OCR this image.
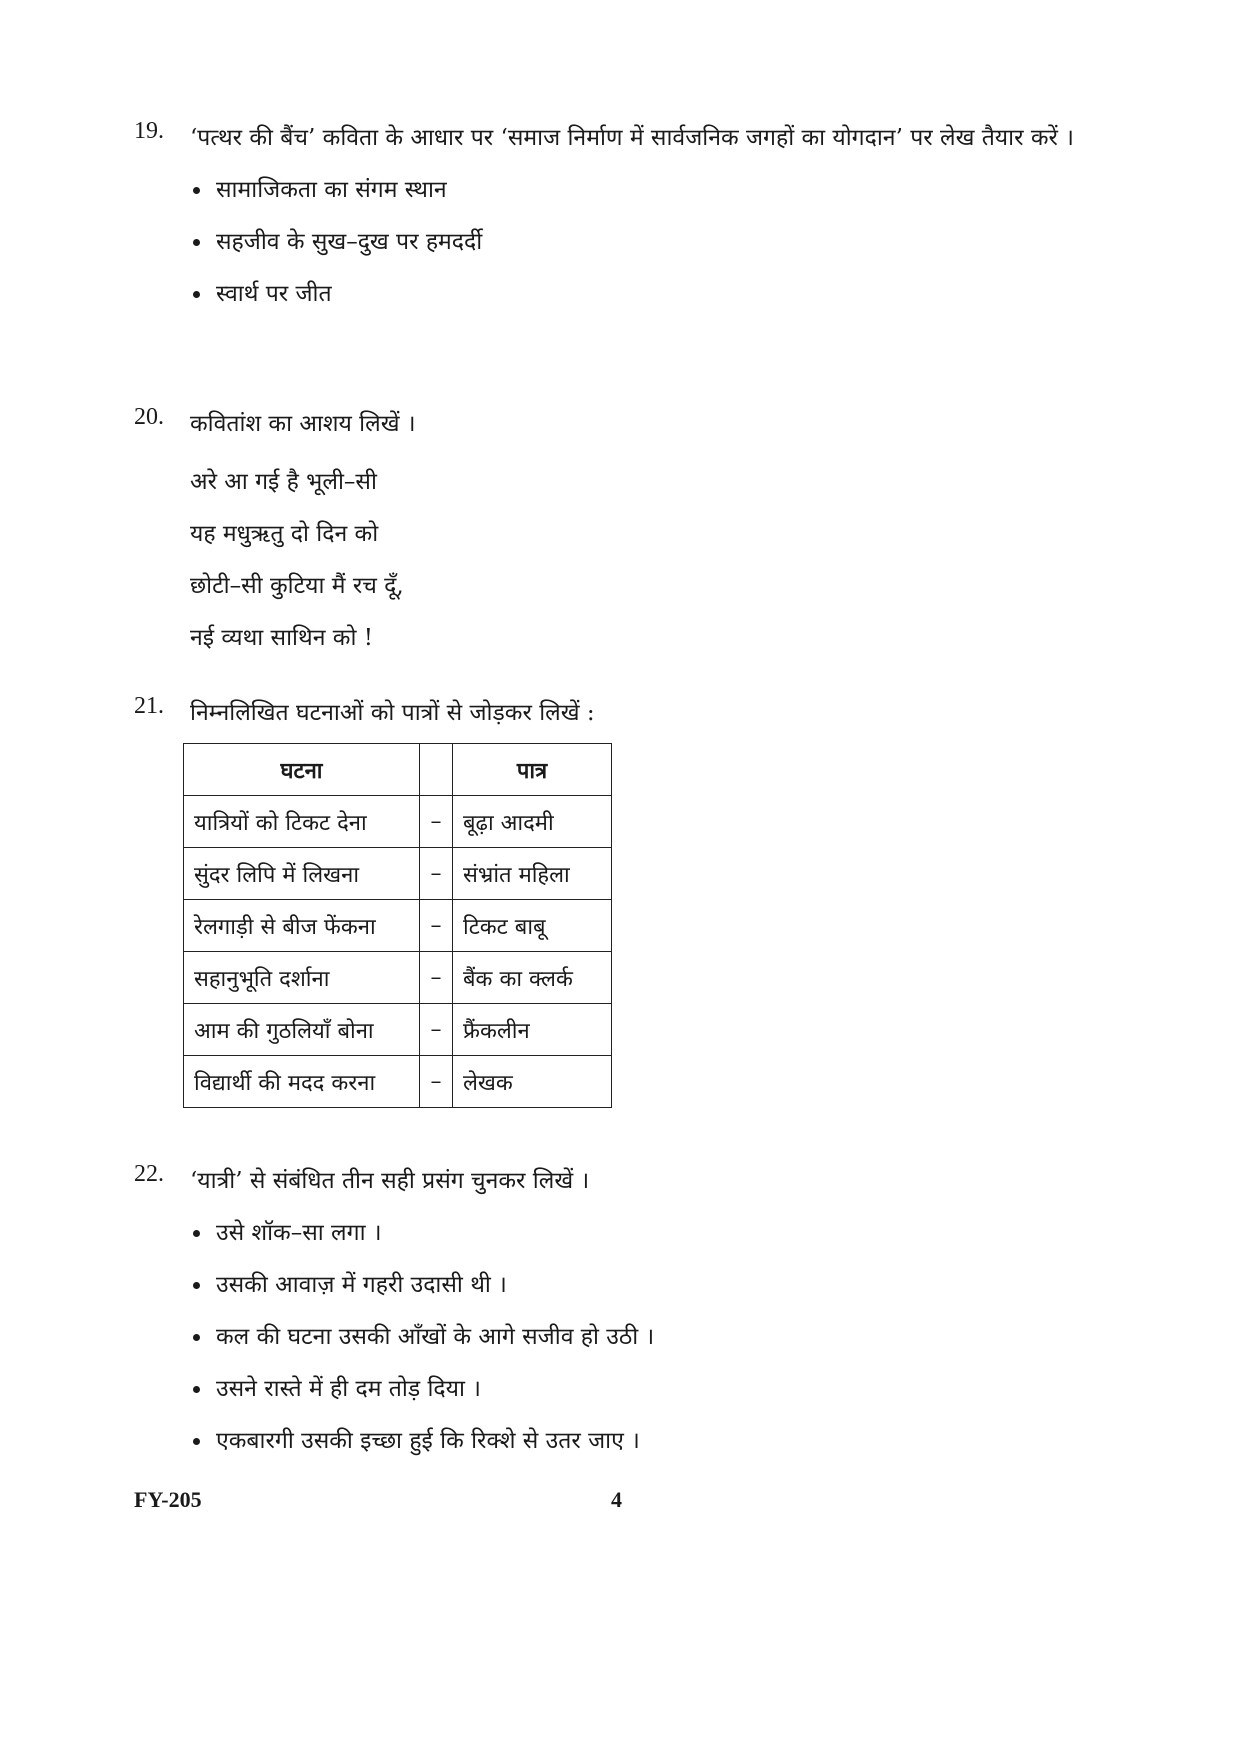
19. ‘पत्थर की बैंच’ कविता के आधार पर ‘समाज निर्माण में सार्वजनिक जगहों का योगदान’ पर लेख तैयार करें ।
सामाजिकता का संगम स्थान
सहजीव के सुख–दुख पर हमदर्दी
स्वार्थ पर जीत
20. कवितांश का आशय लिखें ।
अरे आ गई है भूली–सी
यह मधुऋतु दो दिन को
छोटी–सी कुटिया मैं रच दूँ,
नई व्यथा साथिन को !
21. निम्नलिखित घटनाओं को पात्रों से जोड़कर लिखें :
घटना		पात्र
यात्रियों को टिकट देना	–	बूढ़ा आदमी
सुंदर लिपि में लिखना	–	संभ्रांत महिला
रेलगाड़ी से बीज फेंकना	–	टिकट बाबू
सहानुभूति दर्शाना	–	बैंक का क्लर्क
आम की गुठलियाँ बोना	–	फ्रैंकलीन
विद्यार्थी की मदद करना	–	लेखक
22. ‘यात्री’ से संबंधित तीन सही प्रसंग चुनकर लिखें ।
उसे शॉक–सा लगा ।
उसकी आवाज़ में गहरी उदासी थी ।
कल की घटना उसकी आँखों के आगे सजीव हो उठी ।
उसने रास्ते में ही दम तोड़ दिया ।
एकबारगी उसकी इच्छा हुई कि रिक्शे से उतर जाए ।
FY-205	4
